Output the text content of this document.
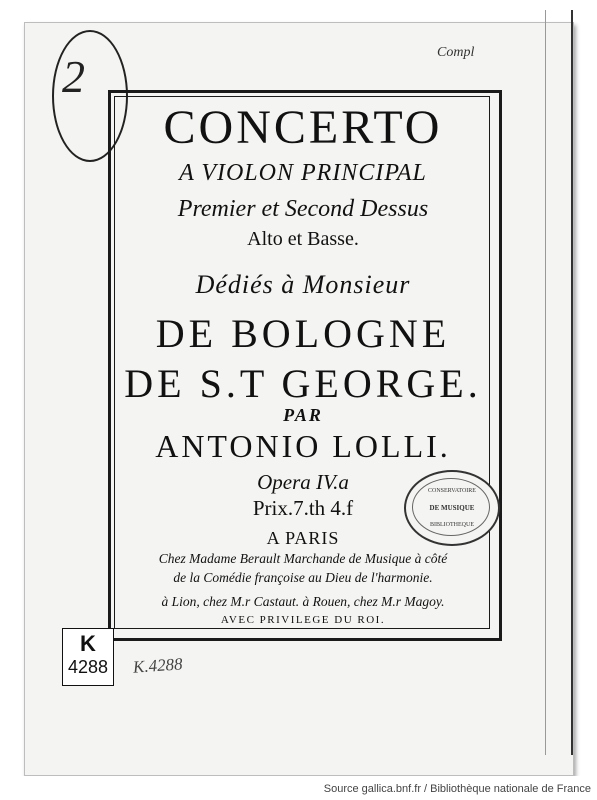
2	Compl
CONCERTO
A VIOLON PRINCIPAL
Premier et Second Dessus
Alto et Basse.
Dédiés à Monsieur
DE BOLOGNE
DE S.T GEORGE.
PAR
ANTONIO LOLLI.
Opera IV.a
Prix.7.th 4.f
A PARIS
Chez Madame Berault Marchande de Musique à côté
de la Comédie françoise au Dieu de l'harmonie.
à Lion, chez M.r Castaut. à Rouen, chez M.r Magoy.
AVEC PRIVILEGE DU ROI.
CONSERVATOIRE
DE MUSIQUE
BIBLIOTHEQUE
K
4288 K.4288
Source gallica.bnf.fr / Bibliothèque nationale de France
